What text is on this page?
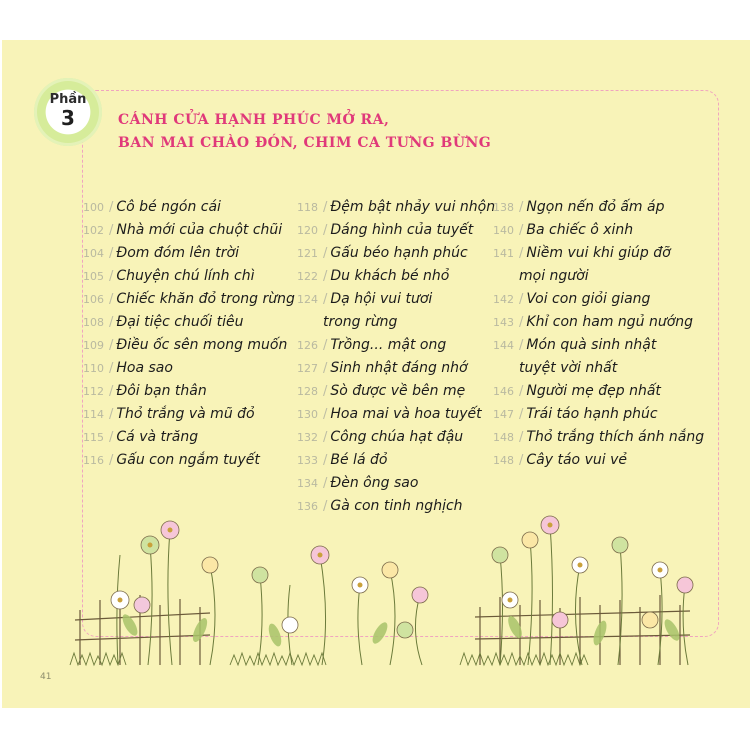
Phần
3	CÁNH CỬA HẠNH PHÚC MỞ RA,
BAN MAI CHÀO ĐÓN, CHIM CA TƯNG BỪNG
100 / Cô bé ngón cái
102 / Nhà mới của chuột chũi
104 / Đom đóm lên trời
105 / Chuyện chú lính chì
106 / Chiếc khăn đỏ trong rừng
108 / Đại tiệc chuối tiêu
109 / Điều ốc sên mong muốn
110 / Hoa sao
112 / Đôi bạn thân
114 / Thỏ trắng và mũ đỏ
115 / Cá và trăng
116 / Gấu con ngắm tuyết
118 / Đệm bật nhảy vui nhộn
120 / Dáng hình của tuyết
121 / Gấu béo hạnh phúc
122 / Du khách bé nhỏ
124 / Dạ hội vui tươi
trong rừng
126 / Trồng... mật ong
127 / Sinh nhật đáng nhớ
128 / Sò được về bên mẹ
130 / Hoa mai và hoa tuyết
132 / Công chúa hạt đậu
133 / Bé lá đỏ
134 / Đèn ông sao
136 / Gà con tinh nghịch
138 / Ngọn nến đỏ ấm áp
140 / Ba chiếc ô xinh
141 / Niềm vui khi giúp đỡ
mọi người
142 / Voi con giỏi giang
143 / Khỉ con ham ngủ nướng
144 / Món quà sinh nhật
tuyệt vời nhất
146 / Người mẹ đẹp nhất
147 / Trái táo hạnh phúc
148 / Thỏ trắng thích ánh nắng
148 / Cây táo vui vẻ
41
